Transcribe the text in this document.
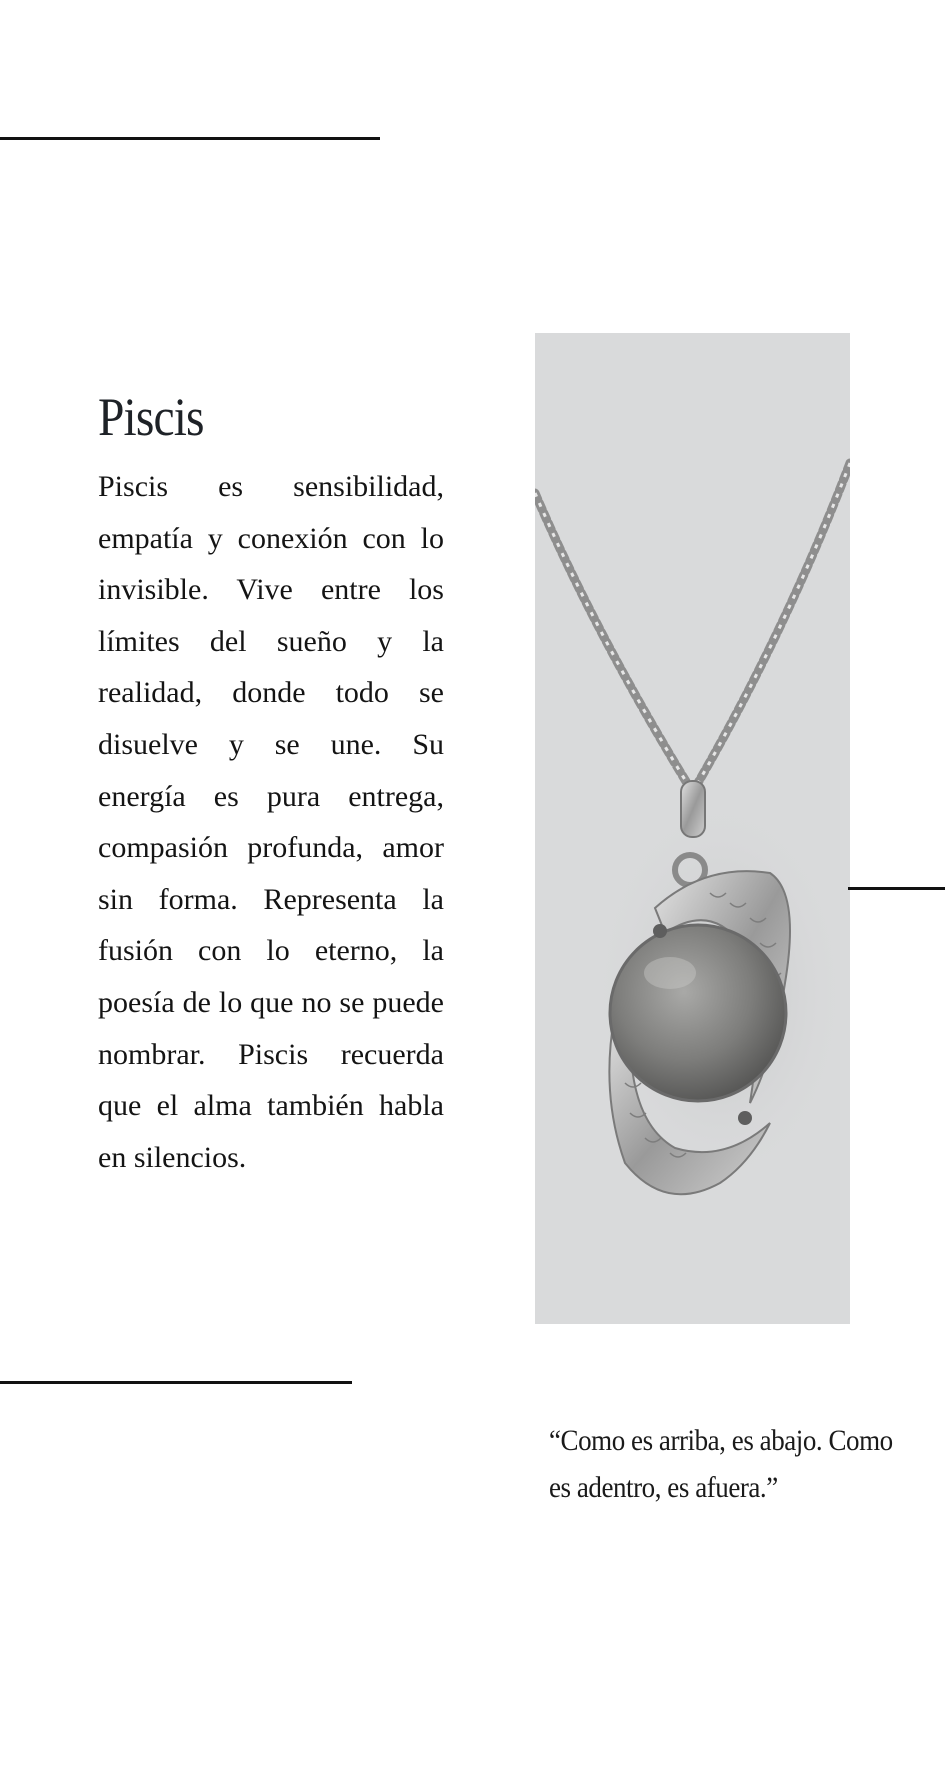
Piscis

Piscis es sensibilidad, empatía y conexión con lo invisible. Vive entre los límites del sueño y la realidad, donde todo se disuelve y se une. Su energía es pura entrega, compasión profunda, amor sin forma. Representa la fusión con lo eterno, la poesía de lo que no se puede nombrar. Piscis recuerda que el alma también habla en silencios.

“Como es arriba, es abajo. Como es adentro, es afuera.”
